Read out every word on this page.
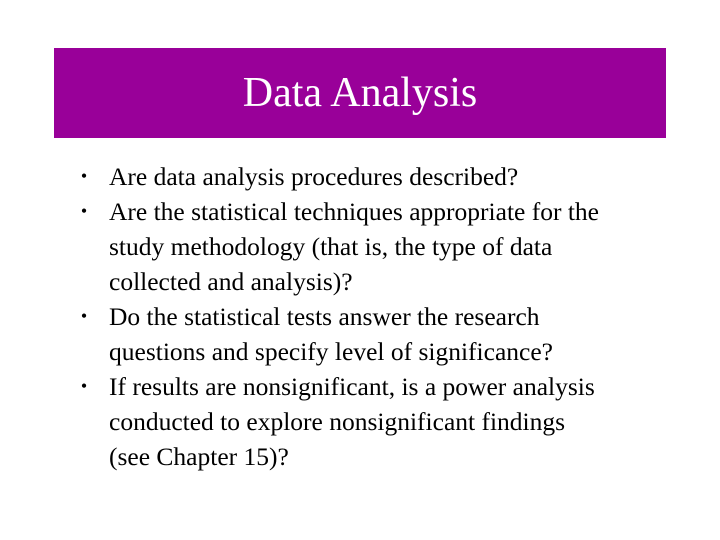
Data Analysis
• Are data analysis procedures described?
• Are the statistical techniques appropriate for the
study methodology (that is, the type of data
collected and analysis)?
• Do the statistical tests answer the research
questions and specify level of significance?
• If results are nonsignificant, is a power analysis
conducted to explore nonsignificant findings
(see Chapter 15)?
